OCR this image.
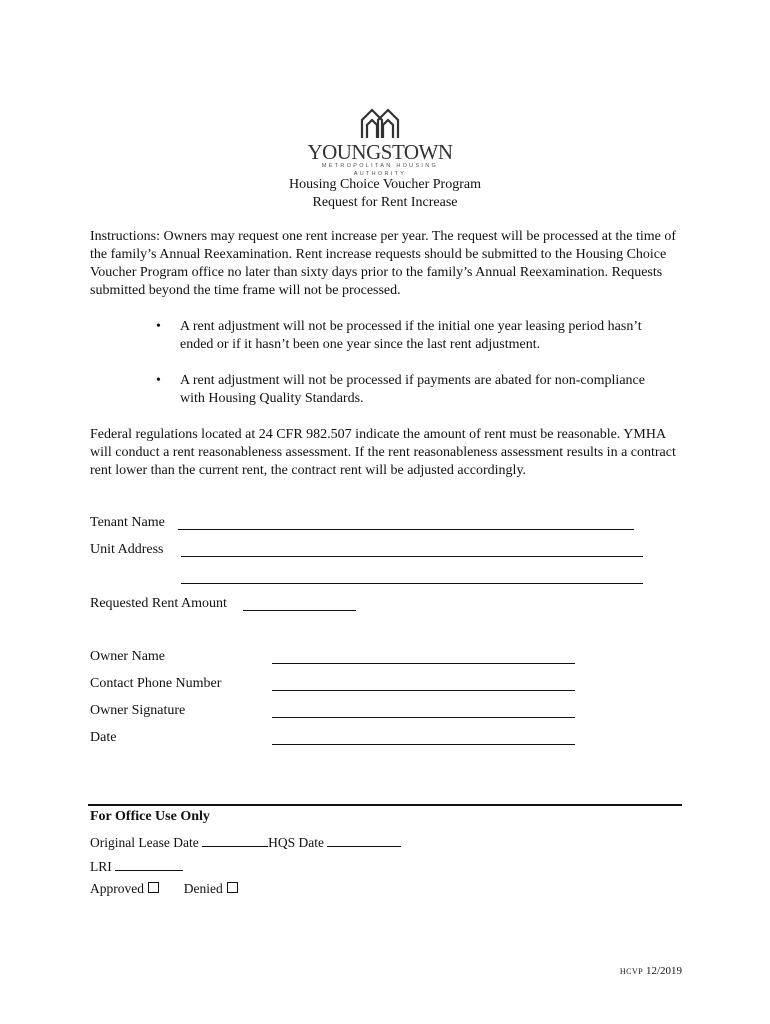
YOUNGSTOWN
METROPOLITAN HOUSING AUTHORITY
Housing Choice Voucher Program
Request for Rent Increase
Instructions: Owners may request one rent increase per year. The request will be processed at the time of the family’s Annual Reexamination. Rent increase requests should be submitted to the Housing Choice Voucher Program office no later than sixty days prior to the family’s Annual Reexamination. Requests submitted beyond the time frame will not be processed.
• A rent adjustment will not be processed if the initial one year leasing period hasn’t ended or if it hasn’t been one year since the last rent adjustment.
• A rent adjustment will not be processed if payments are abated for non-compliance with Housing Quality Standards.
Federal regulations located at 24 CFR 982.507 indicate the amount of rent must be reasonable. YMHA will conduct a rent reasonableness assessment. If the rent reasonableness assessment results in a contract rent lower than the current rent, the contract rent will be adjusted accordingly.
Tenant Name
Unit Address
Requested Rent Amount
Owner Name
Contact Phone Number
Owner Signature
Date
For Office Use Only
Original Lease Date	HQS Date
LRI
Approved	Denied
HCVP 12/2019
